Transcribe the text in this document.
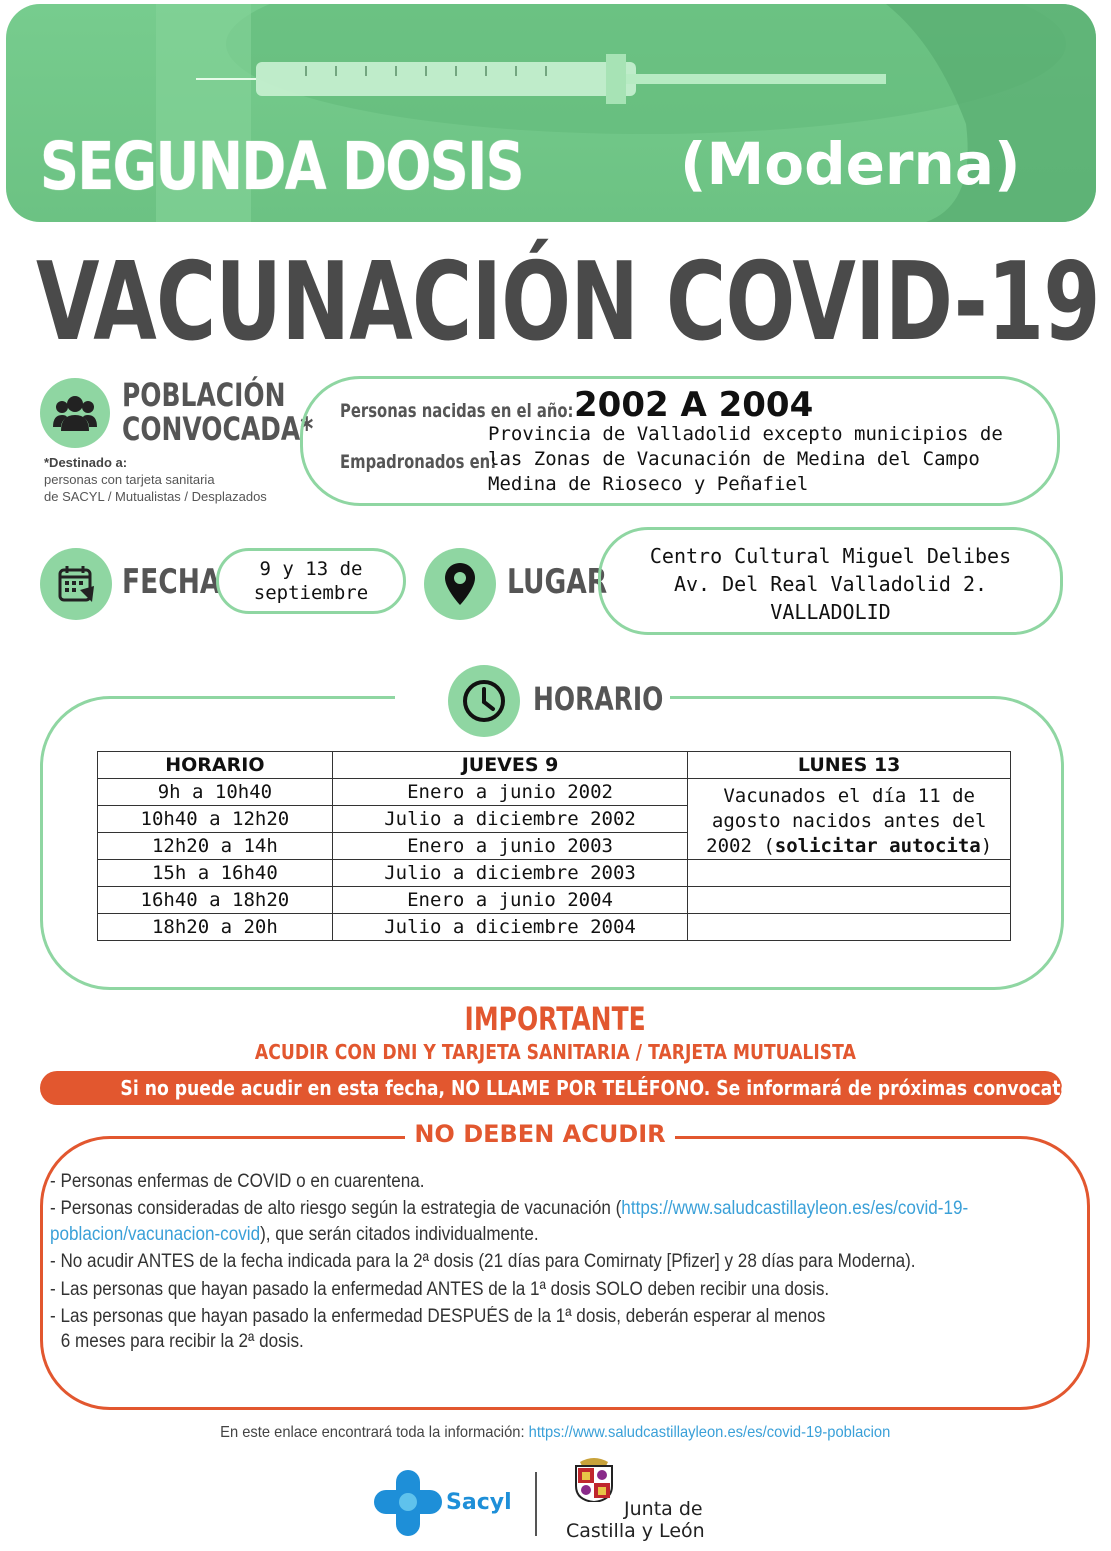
SEGUNDA DOSIS	(Moderna)
VACUNACIÓN COVID-19
POBLACIÓN
CONVOCADA*
*Destinado a:
personas con tarjeta sanitaria
de SACYL / Mutualistas / Desplazados
Personas nacidas en el año: 2002 A 2004
Empadronados en:
Provincia de Valladolid excepto municipios de las Zonas de Vacunación de Medina del Campo Medina de Rioseco y Peñafiel
FECHA	9 y 13 de
septiembre	LUGAR
Centro Cultural Miguel Delibes
Av. Del Real Valladolid 2.
VALLADOLID
HORARIO
HORARIO	JUEVES 9	LUNES 13
9h a 10h40	Enero a junio 2002	Vacunados el día 11 de agosto nacidos antes del 2002 (solicitar autocita)
10h40 a 12h20	Julio a diciembre 2002	
12h20 a 14h	Enero a junio 2003	
15h a 16h40	Julio a diciembre 2003	
16h40 a 18h20	Enero a junio 2004	
18h20 a 20h	Julio a diciembre 2004	
IMPORTANTE
ACUDIR CON DNI Y TARJETA SANITARIA / TARJETA MUTUALISTA
Si no puede acudir en esta fecha, NO LLAME POR TELÉFONO. Se informará de próximas convocatorias
NO DEBEN ACUDIR
- Personas enfermas de COVID o en cuarentena.
- Personas consideradas de alto riesgo según la estrategia de vacunación (https://www.saludcastillayleon.es/es/covid-19-poblacion/vacunacion-covid), que serán citados individualmente.
- No acudir ANTES de la fecha indicada para la 2ª dosis (21 días para Comirnaty [Pfizer] y 28 días para Moderna).
- Las personas que hayan pasado la enfermedad ANTES de la 1ª dosis SOLO deben recibir una dosis.
- Las personas que hayan pasado la enfermedad DESPUÉS de la 1ª dosis, deberán esperar al menos
6 meses para recibir la 2ª dosis.
En este enlace encontrará toda la información: https://www.saludcastillayleon.es/es/covid-19-poblacion
Sacyl	Junta de
Castilla y León
